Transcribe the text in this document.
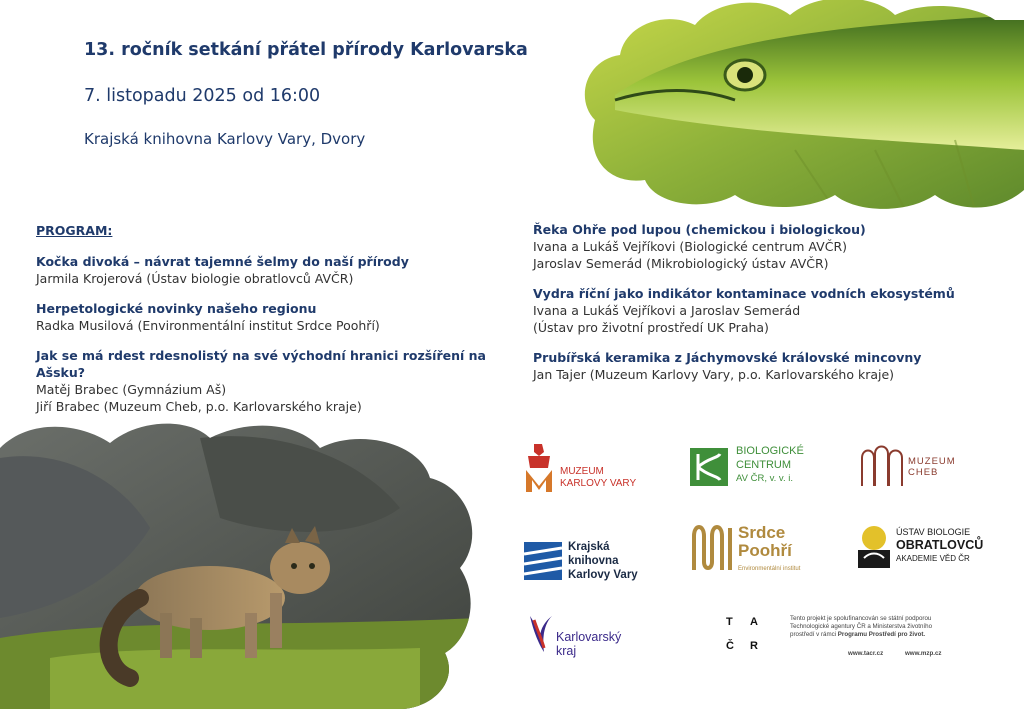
13. ročník setkání přátel přírody Karlovarska
7. listopadu 2025 od 16:00
Krajská knihovna Karlovy Vary, Dvory
PROGRAM:
Kočka divoká – návrat tajemné šelmy do naší přírody
Jarmila Krojerová (Ústav biologie obratlovců AVČR)
Herpetologické novinky našeho regionu
Radka Musilová (Environmentální institut Srdce Poohří)
Jak se má rdest rdesnolistý na své východní hranici rozšíření na Ašsku?
Matěj Brabec (Gymnázium Aš)
Jiří Brabec (Muzeum Cheb, p.o. Karlovarského kraje)
Řeka Ohře pod lupou (chemickou i biologickou)
Ivana a Lukáš Vejříkovi (Biologické centrum AVČR)
Jaroslav Semerád (Mikrobiologický ústav AVČR)
Vydra říční jako indikátor kontaminace vodních ekosystémů
Ivana a Lukáš Vejříkovi a Jaroslav Semerád
(Ústav pro životní prostředí UK Praha)
Prubířská keramika z Jáchymovské královské mincovny
Jan Tajer (Muzeum Karlovy Vary, p.o. Karlovarského kraje)
MUZEUM
KARLOVY VARY
BIOLOGICKÉ
CENTRUM
AV ČR, v. v. i.
MUZEUM
CHEB
Krajská
knihovna
Karlovy Vary
Srdce
Poohří
Environmentální institut
ÚSTAV BIOLOGIE
OBRATLOVCŮ
AKADEMIE VĚD ČR
Karlovarský
kraj
T A
Č R
Tento projekt je spolufinancován se státní podporou
Technologické agentury ČR a Ministerstva životního
prostředí v rámci Programu Prostředí pro život.
www.tacr.cz	www.mzp.cz
